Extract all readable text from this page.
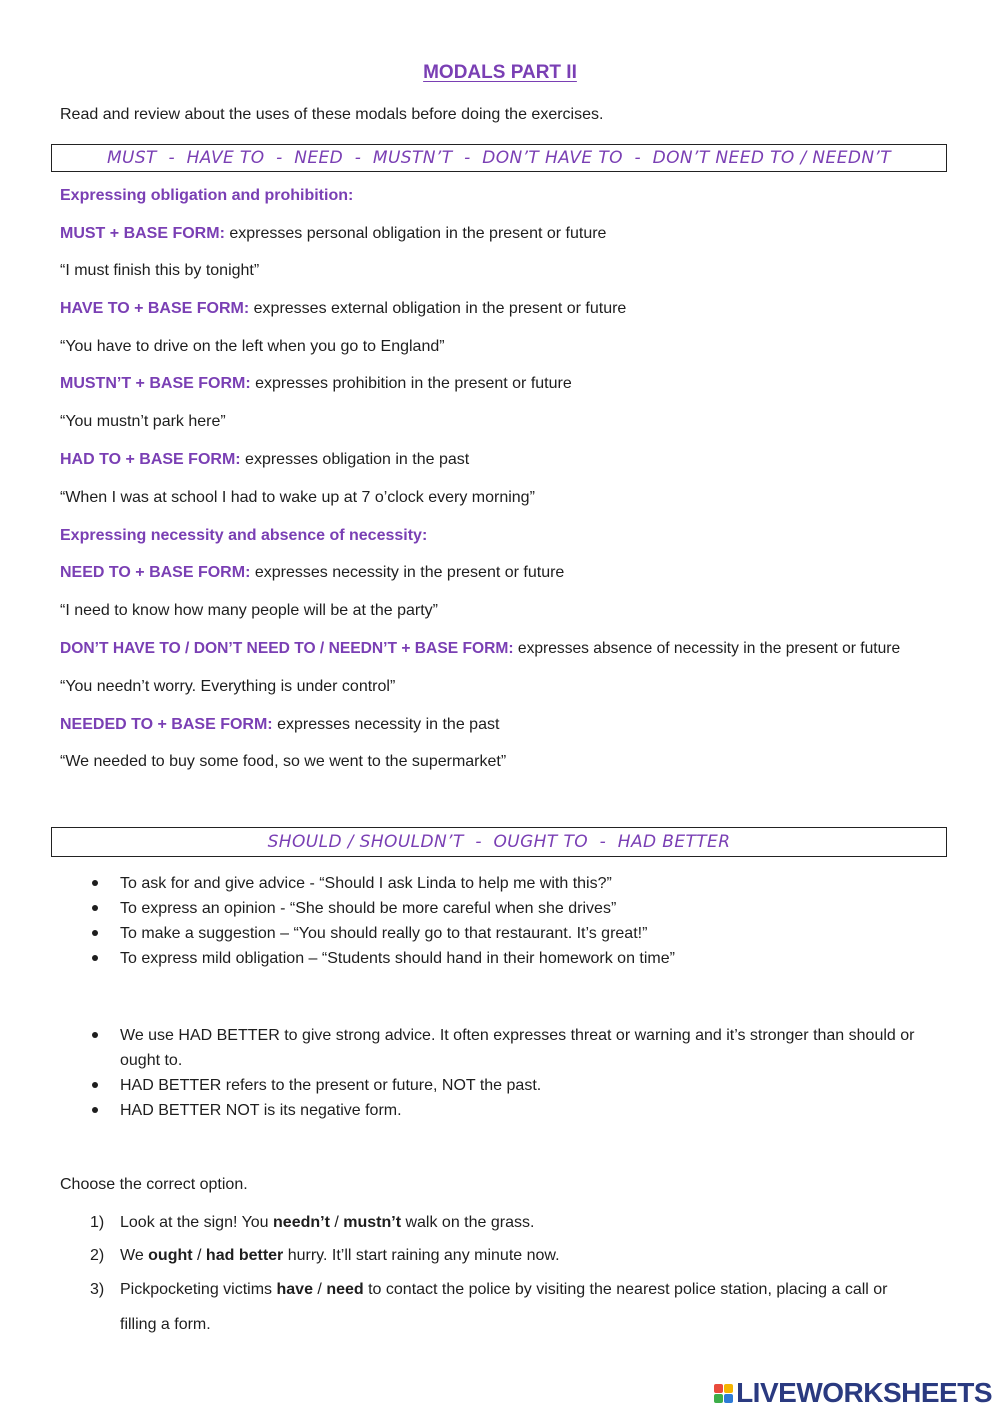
MODALS PART II
Read and review about the uses of these modals before doing the exercises.
MUST  -  HAVE TO  -  NEED  -  MUSTN’T  -  DON’T HAVE TO  -  DON’T NEED TO / NEEDN’T
Expressing obligation and prohibition:
MUST + BASE FORM: expresses personal obligation in the present or future
“I must finish this by tonight”
HAVE TO + BASE FORM: expresses external obligation in the present or future
“You have to drive on the left when you go to England”
MUSTN’T + BASE FORM: expresses prohibition in the present or future
“You mustn’t park here”
HAD TO + BASE FORM: expresses obligation in the past
“When I was at school I had to wake up at 7 o’clock every morning”
Expressing necessity and absence of necessity:
NEED TO + BASE FORM: expresses necessity in the present or future
“I need to know how many people will be at the party”
DON’T HAVE TO / DON’T NEED TO / NEEDN’T + BASE FORM: expresses absence of necessity in the present or future
“You needn’t worry. Everything is under control”
NEEDED TO + BASE FORM: expresses necessity in the past
“We needed to buy some food, so we went to the supermarket”
SHOULD / SHOULDN’T  -  OUGHT TO  -  HAD BETTER
To ask for and give advice - “Should I ask Linda to help me with this?”
To express an opinion - “She should be more careful when she drives”
To make a suggestion – “You should really go to that restaurant. It’s great!”
To express mild obligation – “Students should hand in their homework on time”
We use HAD BETTER to give strong advice. It often expresses threat or warning and it’s stronger than should or ought to.
HAD BETTER refers to the present or future, NOT the past.
HAD BETTER NOT is its negative form.
Choose the correct option.
1) Look at the sign! You needn’t / mustn’t walk on the grass.
2) We ought / had better hurry. It’ll start raining any minute now.
3) Pickpocketing victims have / need to contact the police by visiting the nearest police station, placing a call or
filling a form.
LIVEWORKSHEETS
